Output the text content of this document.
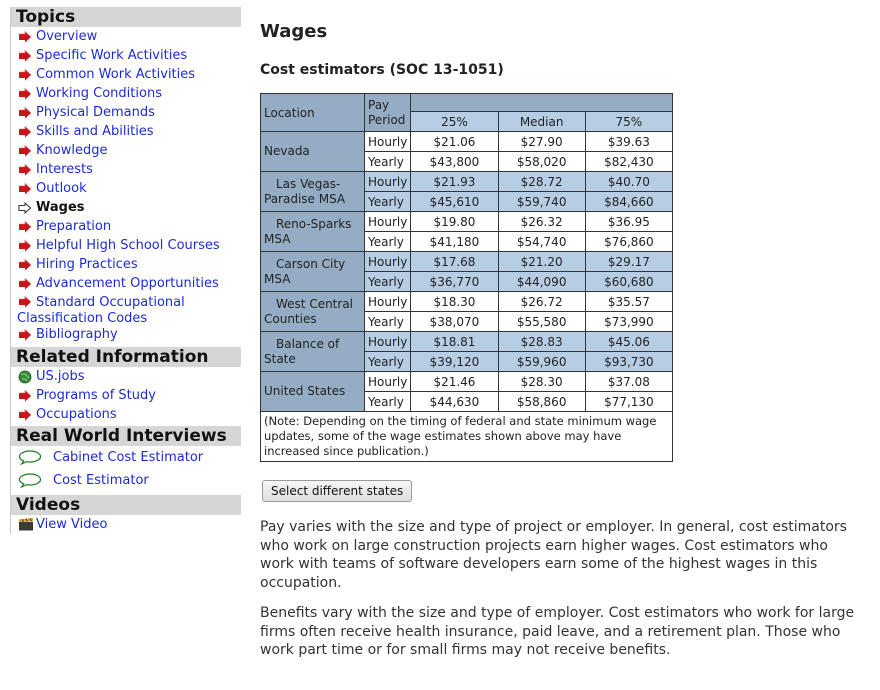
Topics
Overview
Specific Work Activities
Common Work Activities
Working Conditions
Physical Demands
Skills and Abilities
Knowledge
Interests
Outlook
Wages
Preparation
Helpful High School Courses
Hiring Practices
Advancement Opportunities
Standard Occupational
Classification Codes
Bibliography
Related Information
US.jobs
Programs of Study
Occupations
Real World Interviews
Cabinet Cost Estimator
Cost Estimator
Videos
View Video
Wages
Cost estimators (SOC 13-1051)
Location	Pay
Period			

		25%	Median	75%
Nevada	Hourly	$21.06	$27.90	$39.63
	Yearly	$43,800	$58,020	$82,430

Las Vegas-
Paradise MSA	Hourly	$21.93	$28.72	$40.70
	Yearly	$45,610	$59,740	$84,660

Reno-Sparks
MSA	Hourly	$19.80	$26.32	$36.95
	Yearly	$41,180	$54,740	$76,860

Carson City
MSA	Hourly	$17.68	$21.20	$29.17
	Yearly	$36,770	$44,090	$60,680

West Central
Counties	Hourly	$18.30	$26.72	$35.57
	Yearly	$38,070	$55,580	$73,990

Balance of
State	Hourly	$18.81	$28.83	$45.06
	Yearly	$39,120	$59,960	$93,730
United States	Hourly	$21.46	$28.30	$37.08
	Yearly	$44,630	$58,860	$77,130
(Note: Depending on the timing of federal and state minimum wage updates, some of the wage estimates shown above may have increased since publication.)				
Select different states

Pay varies with the size and type of project or employer. In general, cost estimators who work on large construction projects earn higher wages. Cost estimators who work with teams of software developers earn some of the highest wages in this occupation.

Benefits vary with the size and type of employer. Cost estimators who work for large firms often receive health insurance, paid leave, and a retirement plan. Those who work part time or for small firms may not receive benefits.
